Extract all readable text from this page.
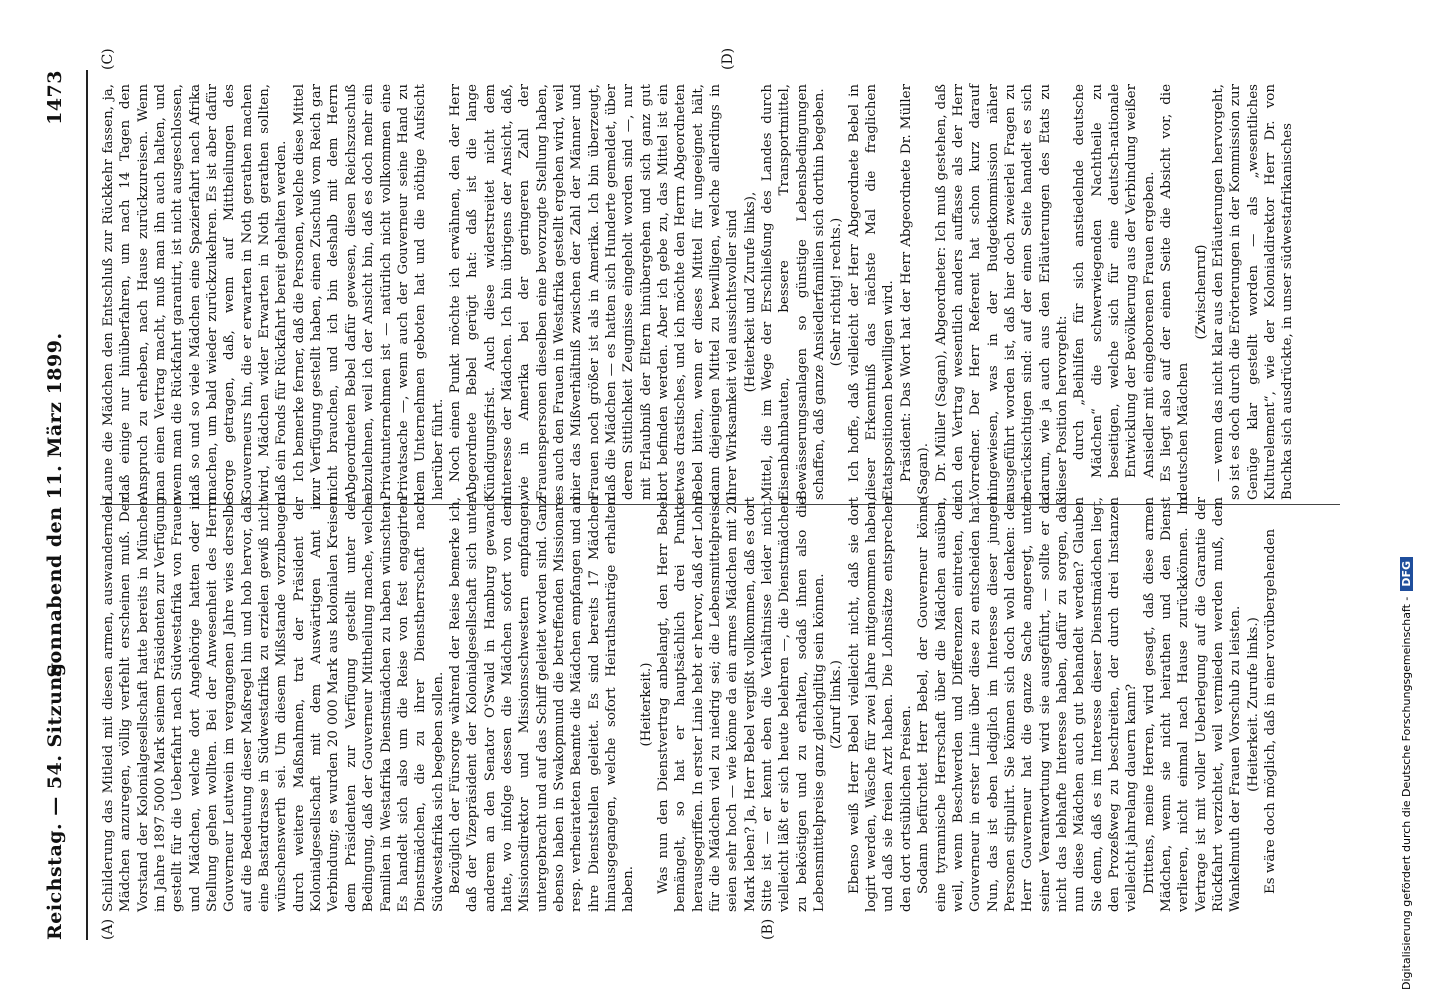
Reichstag. — 54. Sitzung.
Sonnabend den 11. März 1899.
1473
(A)	(B)
(C)	(D)

Schilderung das Mitleid mit diesen armen, auswandernden Mädchen anzuregen, völlig verfehlt erscheinen muß. Der Vorstand der Kolonialgesellschaft hatte bereits in München im Jahre 1897 5000 Mark seinem Präsidenten zur Verfügung gestellt für die Ueberfahrt nach Südwestafrika von Frauen und Mädchen, welche dort Angehörige hatten oder in Stellung gehen wollten. Bei der Anwesenheit des Herrn Gouverneur Leutwein im vergangenen Jahre wies derselbe auf die Bedeutung dieser Maßregel hin und hob hervor, daß eine Bastardrasse in Südwestafrika zu erzielen gewiß nicht wünschenswerth sei. Um diesem Mißstande vorzubeugen durch weitere Maßnahmen, trat der Präsident der Kolonialgesellschaft mit dem Auswärtigen Amt in Verbindung; es wurden 20 000 Mark aus kolonialen Kreisen dem Präsidenten zur Verfügung gestellt unter der Bedingung, daß der Gouverneur Mittheilung mache, welche Familien in Westafrika Dienstmädchen zu haben wünschten. Es handelt sich also um die Reise von fest engagirten Dienstmädchen, die zu ihrer Dienstherrschaft nach Südwestafrika sich begeben sollen. Bezüglich der Fürsorge während der Reise bemerke ich, daß der Vizepräsident der Kolonialgesellschaft sich unter anderem an den Senator O'Swald in Hamburg gewandt hatte, wo infolge dessen die Mädchen sofort von dem Missionsdirektor und Missionsschwestern empfangen, untergebracht und auf das Schiff geleitet worden sind. Ganz ebenso haben in Swakopmund die betreffenden Missionare resp. verheirateten Beamte die Mädchen empfangen und an ihre Dienststellen geleitet. Es sind bereits 17 Mädchen hinausgegangen, welche sofort Heirathsanträge erhalten haben.

(Heiterkeit.) Was nun den Dienstvertrag anbelangt, den Herr Bebel bemängelt, so hat er hauptsächlich drei Punkte herausgegriffen. In erster Linie hebt er hervor, daß der Lohn für die Mädchen viel zu niedrig sei; die Lebensmittelpreise seien sehr hoch — wie könne da ein armes Mädchen mit 20 Mark leben? Ja, Herr Bebel vergißt vollkommen, daß es dort Sitte ist — er kennt eben die Verhältnisse leider nicht, vielleicht läßt er sich heute belehren —, die Dienstmädchen zu beköstigen und zu erhalten, sodaß ihnen also die Lebensmittelpreise ganz gleichgiltig sein können. (Zuruf links.) Ebenso weiß Herr Bebel vielleicht nicht, daß sie dort logirt werden, Wäsche für zwei Jahre mitgenommen haben, und daß sie freien Arzt haben. Die Lohnsätze entsprechen den dort ortsüblichen Preisen. Sodann befürchtet Herr Bebel, der Gouverneur könne eine tyrannische Herrschaft über die Mädchen ausüben, weil, wenn Beschwerden und Differenzen eintreten, der Gouverneur in erster Linie über diese zu entscheiden hat. Nun, das ist eben lediglich im Interesse dieser jungen Personen stipulirt. Sie können sich doch wohl denken: der Herr Gouverneur hat die ganze Sache angeregt, unter seiner Verantwortung wird sie ausgeführt, — sollte er da nicht das lebhafte Interesse haben, dafür zu sorgen, daß nun diese Mädchen auch gut behandelt werden? Glauben Sie denn, daß es im Interesse dieser Dienstmädchen liegt, den Prozeßweg zu beschreiten, der durch drei Instanzen vielleicht jahrelang dauern kann? Drittens, meine Herren, wird gesagt, daß diese armen Mädchen, wenn sie nicht heirathen und den Dienst verlieren, nicht einmal nach Hause zurückkönnen. Im Vertrage ist mit voller Ueberlegung auf die Garantie der Rückfahrt verzichtet, weil vermieden werden muß, dem Wankelmuth der Frauen Vorschub zu leisten. (Heiterkeit. Zurufe links.) Es wäre doch möglich, daß in einer vorübergehenden

Laune die Mädchen den Entschluß zur Rückkehr fassen, ja, daß einige nur hinüberfahren, um nach 14 Tagen den Anspruch zu erheben, nach Hause zurückzureisen. Wenn man einen Vertrag macht, muß man ihn auch halten, und wenn man die Rückfahrt garantirt, ist nicht ausgeschlossen, daß so und so viele Mädchen eine Spazierfahrt nach Afrika machen, um bald wieder zurückzukehren. Es ist aber dafür Sorge getragen, daß, wenn auf Mittheilungen des Gouverneurs hin, die er erwarten in Noth gerathen machen wird, Mädchen wider Erwarten in Noth gerathen sollten, daß ein Fonds für Rückfahrt bereit gehalten werden. Ich bemerke ferner, daß die Personen, welche diese Mittel zur Verfügung gestellt haben, einen Zuschuß vom Reich gar nicht brauchen, und ich bin deshalb mit dem Herrn Abgeordneten Bebel dafür gewesen, diesen Reichszuschuß abzulehnen, weil ich der Ansicht bin, daß es doch mehr ein Privatunternehmen ist — natürlich nicht vollkommen eine Privatsache —, wenn auch der Gouverneur seine Hand zu dem Unternehmen geboten hat und die nöthige Aufsicht hierüber führt. Noch einen Punkt möchte ich erwähnen, den der Herr Abgeordnete Bebel gerügt hat: daß ist die lange Kündigungsfrist. Auch diese widerstreitet nicht dem Interesse der Mädchen. Ich bin übrigens der Ansicht, daß, wie in Amerika bei der geringeren Zahl der Frauenspersonen dieselben eine bevorzugte Stellung haben, es auch den Frauen in Westafrika gestellt ergehen wird, weil hier das Mißverhältniß zwischen der Zahl der Männer und Frauen noch größer ist als in Amerika. Ich bin überzeugt, daß die Mädchen — es hatten sich Hunderte gemeldet, über deren Sittlichkeit Zeugnisse eingeholt worden sind —, nur mit Erlaubniß der Eltern hinübergehen und sich ganz gut dort befinden werden. Aber ich gebe zu, das Mittel ist ein etwas drastisches, und ich möchte den Herrn Abgeordneten Bebel bitten, wenn er dieses Mittel für ungeeignet hält, dann diejenigen Mittel zu bewilligen, welche allerdings in ihrer Wirksamkeit viel aussichtsvoller sind (Heiterkeit und Zurufe links), Mittel, die im Wege der Erschließung des Landes durch Eisenbahnbauten, bessere Transportmittel, Bewässerungsanlagen so günstige Lebensbedingungen schaffen, daß ganze Ansiedlerfamilien sich dorthin begeben. (Sehr richtig! rechts.) Ich hoffe, daß vielleicht der Herr Abgeordnete Bebel in dieser Erkenntniß das nächste Mal die fraglichen Etatspositionen bewilligen wird. Präsident: Das Wort hat der Herr Abgeordnete Dr. Müller (Sagan). Dr. Müller (Sagan), Abgeordneter: Ich muß gestehen, daß ich den Vertrag wesentlich anders auffasse als der Herr Vorredner. Der Herr Referent hat schon kurz darauf hingewiesen, was in der Budgetkommission näher ausgeführt worden ist, daß hier doch zweierlei Fragen zu berücksichtigen sind: auf der einen Seite handelt es sich darum, wie ja auch aus den Erläuterungen des Etats zu dieser Position hervorgeht: durch „Beihilfen für sich anstiedelnde deutsche Mädchen“ die schwerwiegenden Nachtheile zu beseitigen, welche sich für eine deutsch-nationale Entwicklung der Bevölkerung aus der Verbindung weißer Ansiedler mit eingeborenen Frauen ergeben. Es liegt also auf der einen Seite die Absicht vor, die deutschen Mädchen

(Zwischenruf) — wenn das nicht klar aus den Erläuterungen hervorgeht, so ist es doch durch die Erörterungen in der Kommission zur Genüge klar gestellt worden — als „wesentliches Kulturelement“, wie der Kolonialdirektor Herr Dr. von Buchka sich ausdrückte, in unser südwestafrikanisches

Digitalisierung gefördert durch die Deutsche Forschungsgemeinschaft -DFG
